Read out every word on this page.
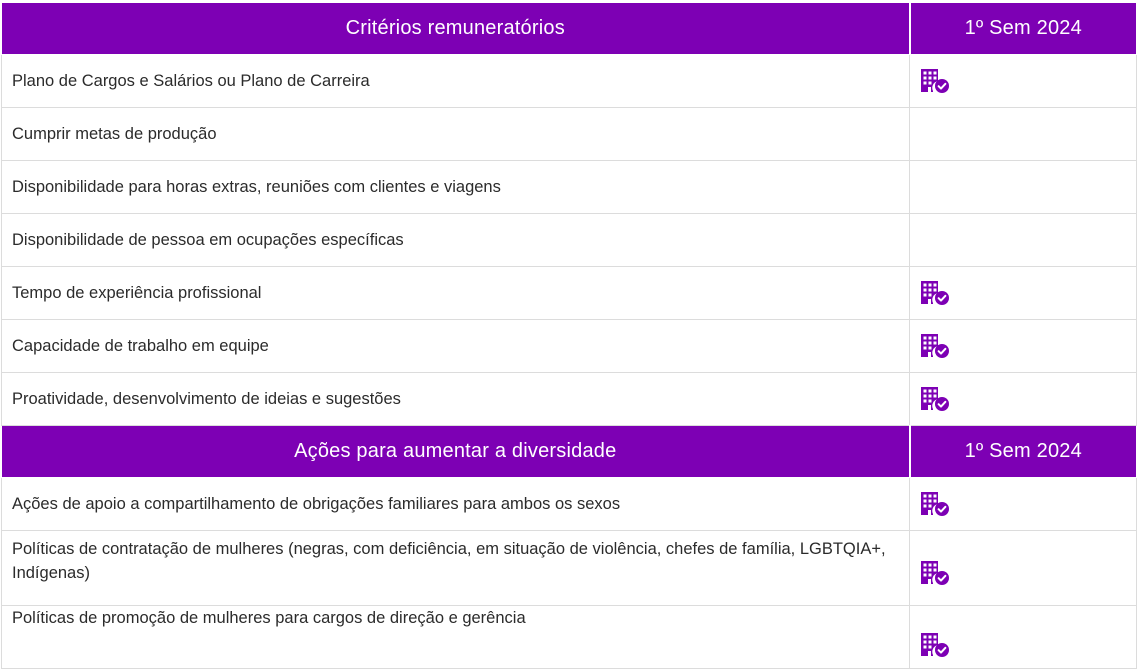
Critérios remuneratórios	1º Sem 2024
Plano de Cargos e Salários ou Plano de Carreira	
Cumprir metas de produção	
Disponibilidade para horas extras, reuniões com clientes e viagens	
Disponibilidade de pessoa em ocupações específicas	
Tempo de experiência profissional	
Capacidade de trabalho em equipe	
Proatividade, desenvolvimento de ideias e sugestões	
Ações para aumentar a diversidade	1º Sem 2024
Ações de apoio a compartilhamento de obrigações familiares para ambos os sexos	
Políticas de contratação de mulheres (negras, com deficiência, em situação de violência, chefes de família, LGBTQIA+, Indígenas)	
Políticas de promoção de mulheres para cargos de direção e gerência	
